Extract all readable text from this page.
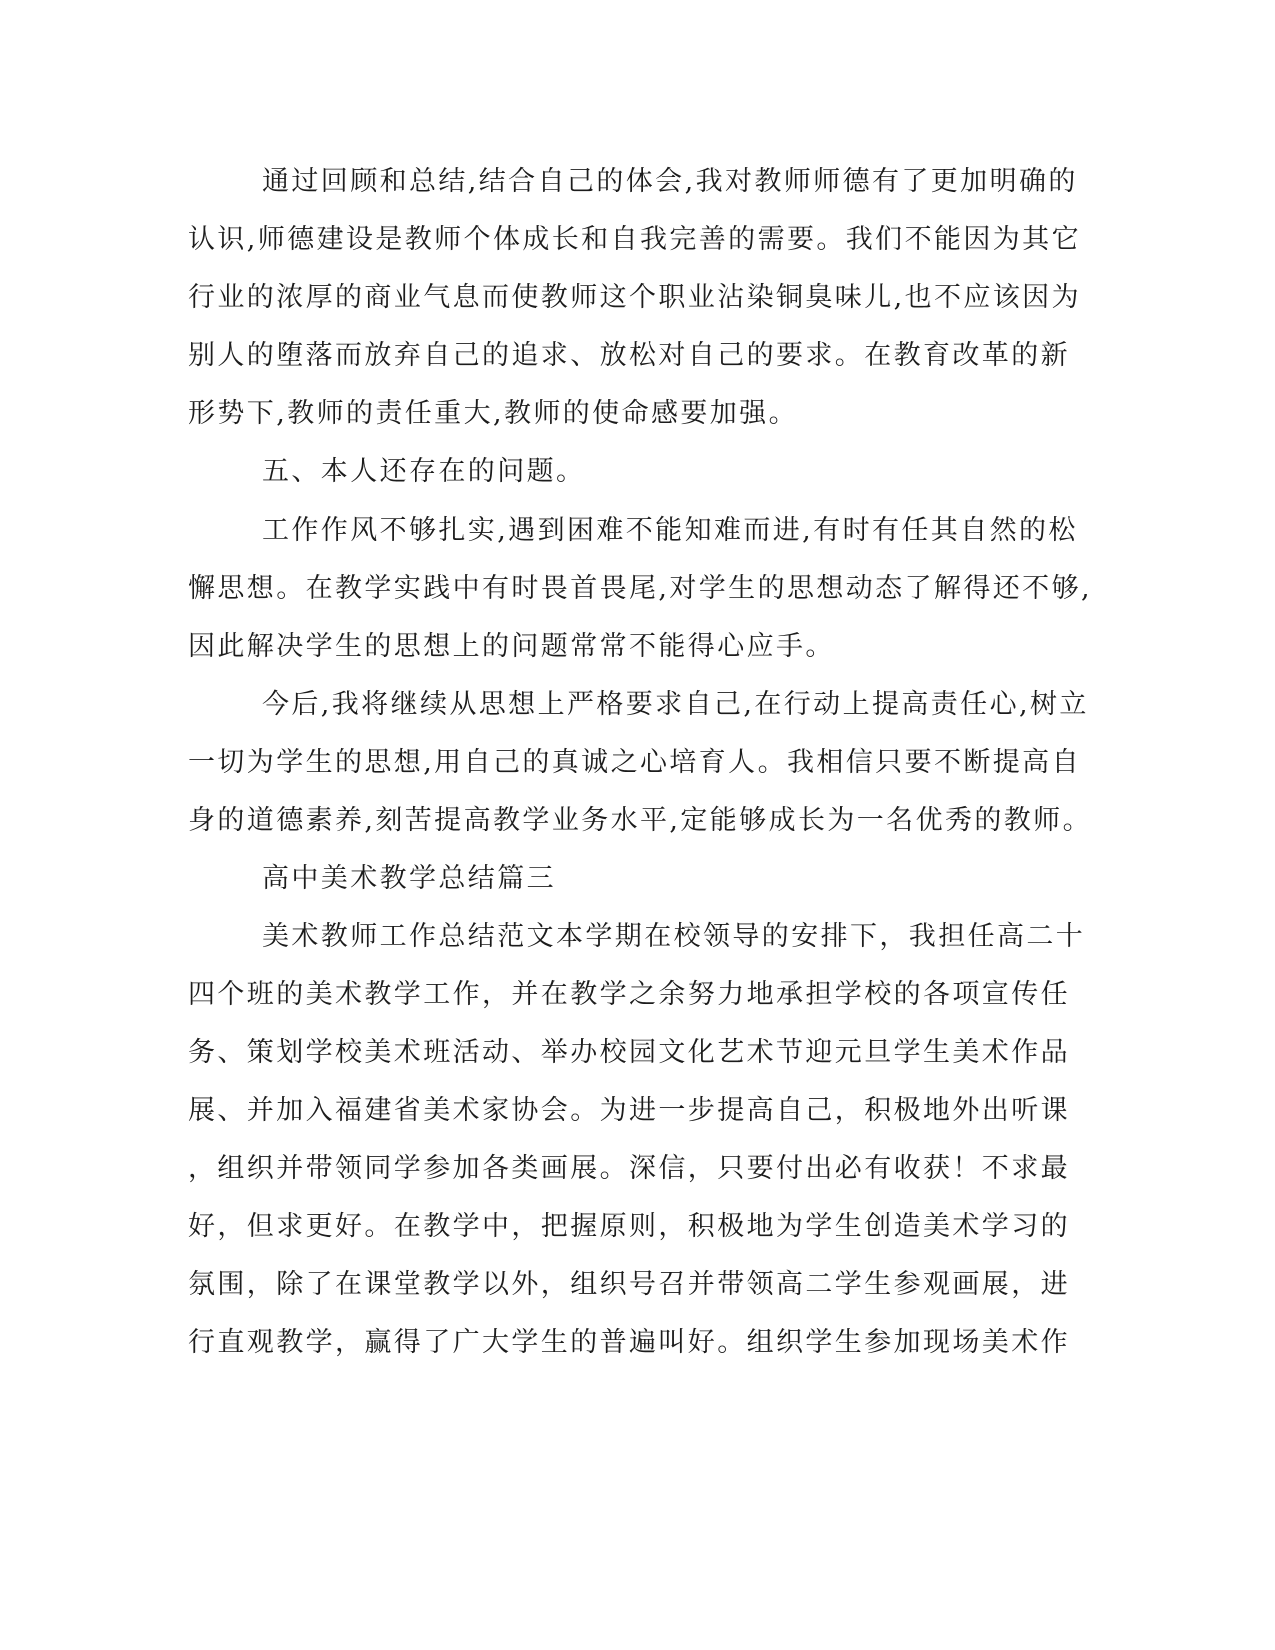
通过回顾和总结,结合自己的体会,我对教师师德有了更加明确的
认识,师德建设是教师个体成长和自我完善的需要。我们不能因为其它
行业的浓厚的商业气息而使教师这个职业沾染铜臭味儿,也不应该因为
别人的堕落而放弃自己的追求、放松对自己的要求。在教育改革的新
形势下,教师的责任重大,教师的使命感要加强。
五、本人还存在的问题。
工作作风不够扎实,遇到困难不能知难而进,有时有任其自然的松
懈思想。在教学实践中有时畏首畏尾,对学生的思想动态了解得还不够,
因此解决学生的思想上的问题常常不能得心应手。
今后,我将继续从思想上严格要求自己,在行动上提高责任心,树立
一切为学生的思想,用自己的真诚之心培育人。我相信只要不断提高自
身的道德素养,刻苦提高教学业务水平,定能够成长为一名优秀的教师。
高中美术教学总结篇三
美术教师工作总结范文本学期在校领导的安排下，我担任高二十
四个班的美术教学工作，并在教学之余努力地承担学校的各项宣传任
务、策划学校美术班活动、举办校园文化艺术节迎元旦学生美术作品
展、并加入福建省美术家协会。为进一步提高自己，积极地外出听课
，组织并带领同学参加各类画展。深信，只要付出必有收获！不求最
好，但求更好。在教学中，把握原则，积极地为学生创造美术学习的
氛围，除了在课堂教学以外，组织号召并带领高二学生参观画展，进
行直观教学，赢得了广大学生的普遍叫好。组织学生参加现场美术作
